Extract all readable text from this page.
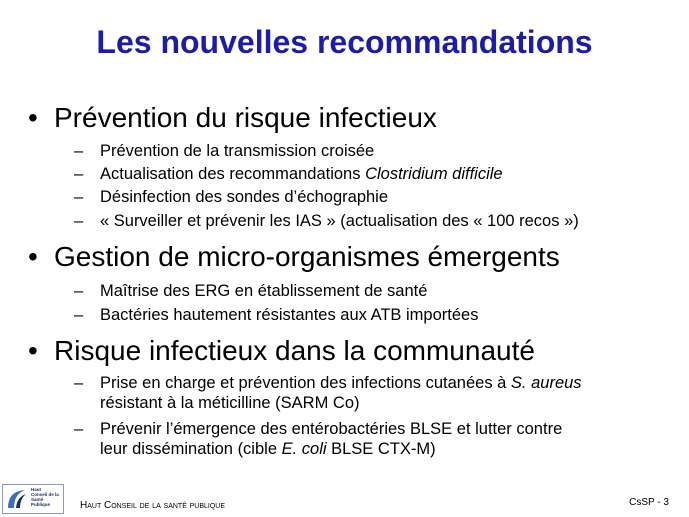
Les nouvelles recommandations
• Prévention du risque infectieux
– Prévention de la transmission croisée
– Actualisation des recommandations Clostridium difficile
– Désinfection des sondes d’échographie
– « Surveiller et prévenir les IAS » (actualisation des « 100 recos »)
• Gestion de micro-organismes émergents
– Maîtrise des ERG en établissement de santé
– Bactéries hautement résistantes aux ATB importées
• Risque infectieux dans la communauté
– Prise en charge et prévention des infections cutanées à S. aureus
résistant à la méticilline (SARM Co)
– Prévenir l’émergence des entérobactéries BLSE et lutter contre
leur dissémination (cible E. coli BLSE CTX-M)
Haut
Conseil de la
Santé
Publique	Haut Conseil de la santé publique	CsSP - 3
